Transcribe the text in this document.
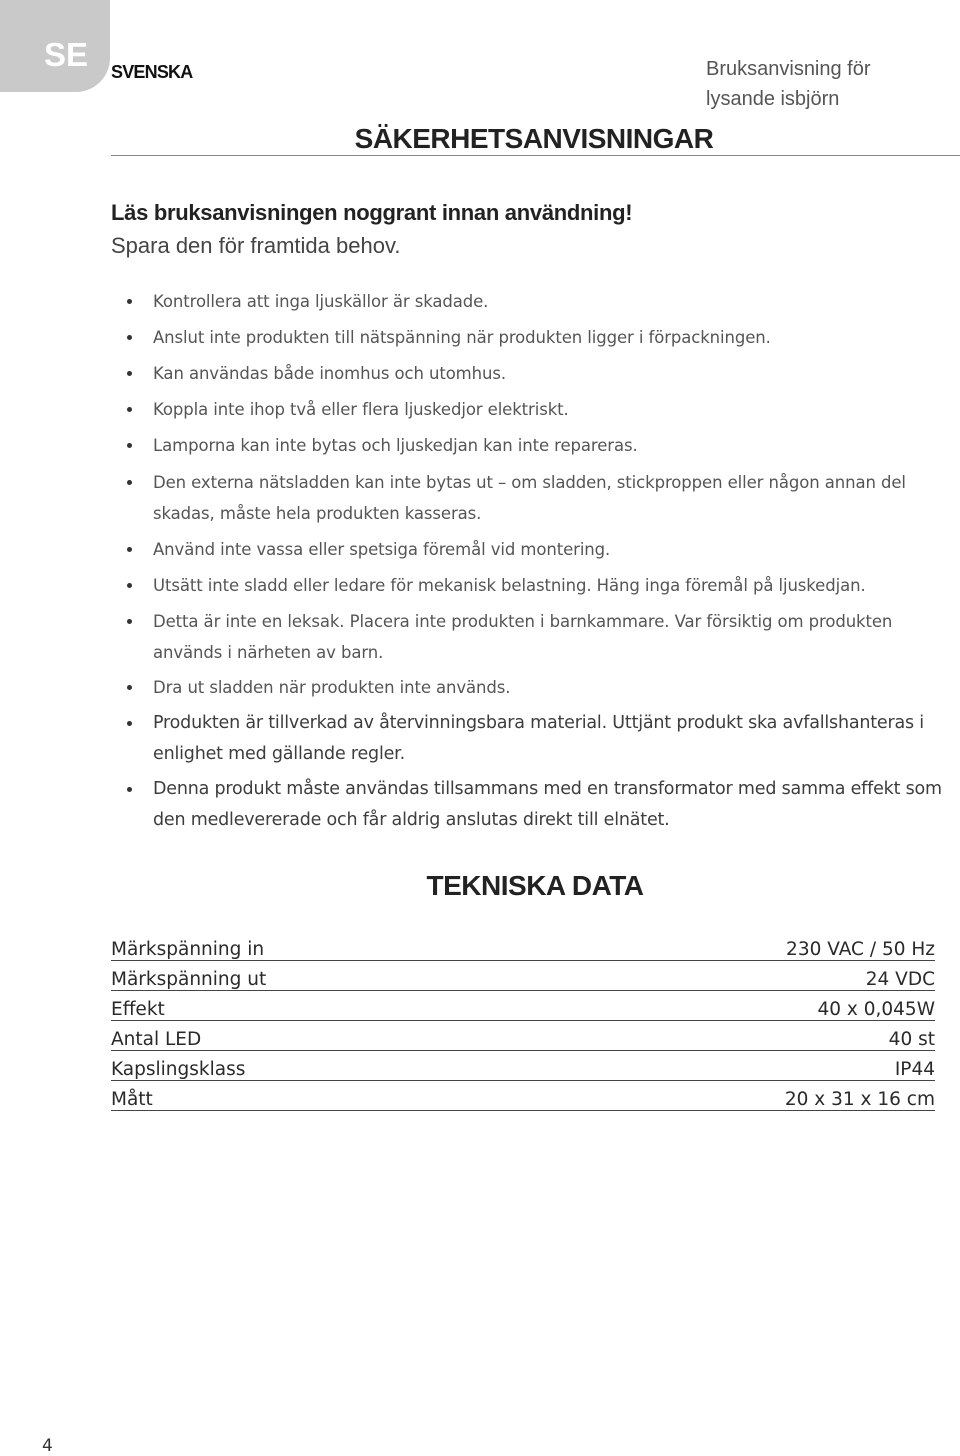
SE SVENSKA	Bruksanvisning för
lysande isbjörn
SÄKERHETSANVISNINGAR
Läs bruksanvisningen noggrant innan användning!
Spara den för framtida behov.
Kontrollera att inga ljuskällor är skadade.
Anslut inte produkten till nätspänning när produkten ligger i förpackningen.
Kan användas både inomhus och utomhus.
Koppla inte ihop två eller flera ljuskedjor elektriskt.
Lamporna kan inte bytas och ljuskedjan kan inte repareras.
Den externa nätsladden kan inte bytas ut – om sladden, stickproppen eller någon annan del skadas, måste hela produkten kasseras.
Använd inte vassa eller spetsiga föremål vid montering.
Utsätt inte sladd eller ledare för mekanisk belastning. Häng inga föremål på ljuskedjan.
Detta är inte en leksak. Placera inte produkten i barnkammare. Var försiktig om produkten används i närheten av barn.
Dra ut sladden när produkten inte används.
Produkten är tillverkad av återvinningsbara material. Uttjänt produkt ska avfallshanteras i enlighet med gällande regler.
Denna produkt måste användas tillsammans med en transformator med samma effekt som den medlevererade och får aldrig anslutas direkt till elnätet.
TEKNISKA DATA
Märkspänning in	230 VAC / 50 Hz
Märkspänning ut	24 VDC
Effekt	40 x 0,045W
Antal LED	40 st
Kapslingsklass	IP44
Mått	20 x 31 x 16 cm
4
